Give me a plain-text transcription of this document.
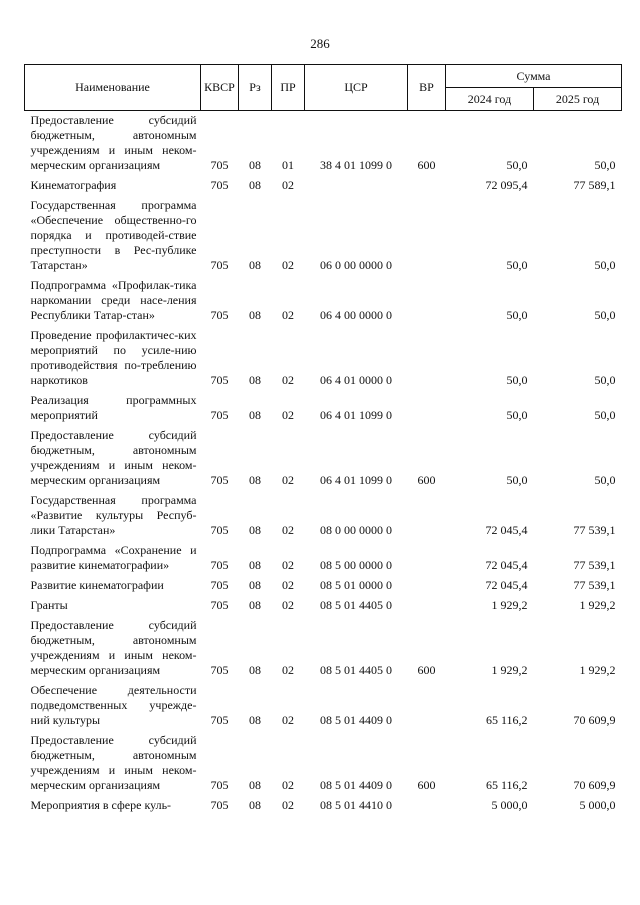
286
Наименование	КВСР	Рз	ПР	ЦСР	ВР	Сумма	
						2024 год	2025 год
Предоставление субсидий бюджетным, автономным учреждениям и иным неком-мерческим организациям	705	08	01	38 4 01 1099 0	600	50,0	50,0
Кинематография	705	08	02			72 095,4	77 589,1
Государственная программа «Обеспечение общественно-го порядка и противодей-ствие преступности в Рес-публике Татарстан»	705	08	02	06 0 00 0000 0		50,0	50,0
Подпрограмма «Профилак-тика наркомании среди насе-ления Республики Татар-стан»	705	08	02	06 4 00 0000 0		50,0	50,0
Проведение профилактичес-ких мероприятий по усиле-нию противодействия по-треблению наркотиков	705	08	02	06 4 01 0000 0		50,0	50,0
Реализация программных мероприятий	705	08	02	06 4 01 1099 0		50,0	50,0
Предоставление субсидий бюджетным, автономным учреждениям и иным неком-мерческим организациям	705	08	02	06 4 01 1099 0	600	50,0	50,0
Государственная программа «Развитие культуры Респуб-лики Татарстан»	705	08	02	08 0 00 0000 0		72 045,4	77 539,1
Подпрограмма «Сохранение и развитие кинематографии»	705	08	02	08 5 00 0000 0		72 045,4	77 539,1
Развитие кинематографии	705	08	02	08 5 01 0000 0		72 045,4	77 539,1
Гранты	705	08	02	08 5 01 4405 0		1 929,2	1 929,2
Предоставление субсидий бюджетным, автономным учреждениям и иным неком-мерческим организациям	705	08	02	08 5 01 4405 0	600	1 929,2	1 929,2
Обеспечение деятельности подведомственных учрежде-ний культуры	705	08	02	08 5 01 4409 0		65 116,2	70 609,9
Предоставление субсидий бюджетным, автономным учреждениям и иным неком-мерческим организациям	705	08	02	08 5 01 4409 0	600	65 116,2	70 609,9
Мероприятия в сфере куль-	705	08	02	08 5 01 4410 0		5 000,0	5 000,0
